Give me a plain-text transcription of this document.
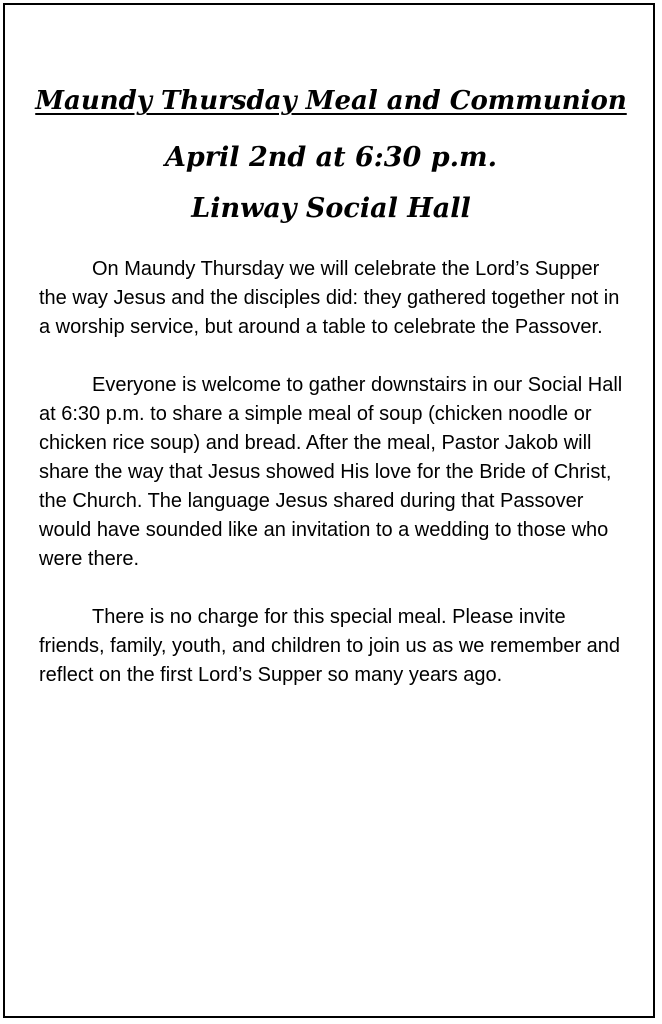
Maundy Thursday Meal and Communion
April 2nd at 6:30 p.m.
Linway Social Hall

On Maundy Thursday we will celebrate the Lord’s Supper the way Jesus and the disciples did: they gathered together not in a worship service, but around a table to celebrate the Passover.

Everyone is welcome to gather downstairs in our Social Hall at 6:30 p.m. to share a simple meal of soup (chicken noodle or chicken rice soup) and bread. After the meal, Pastor Jakob will share the way that Jesus showed His love for the Bride of Christ, the Church. The language Jesus shared during that Passover would have sounded like an invitation to a wedding to those who were there.

There is no charge for this special meal. Please invite friends, family, youth, and children to join us as we remember and reflect on the first Lord’s Supper so many years ago.
